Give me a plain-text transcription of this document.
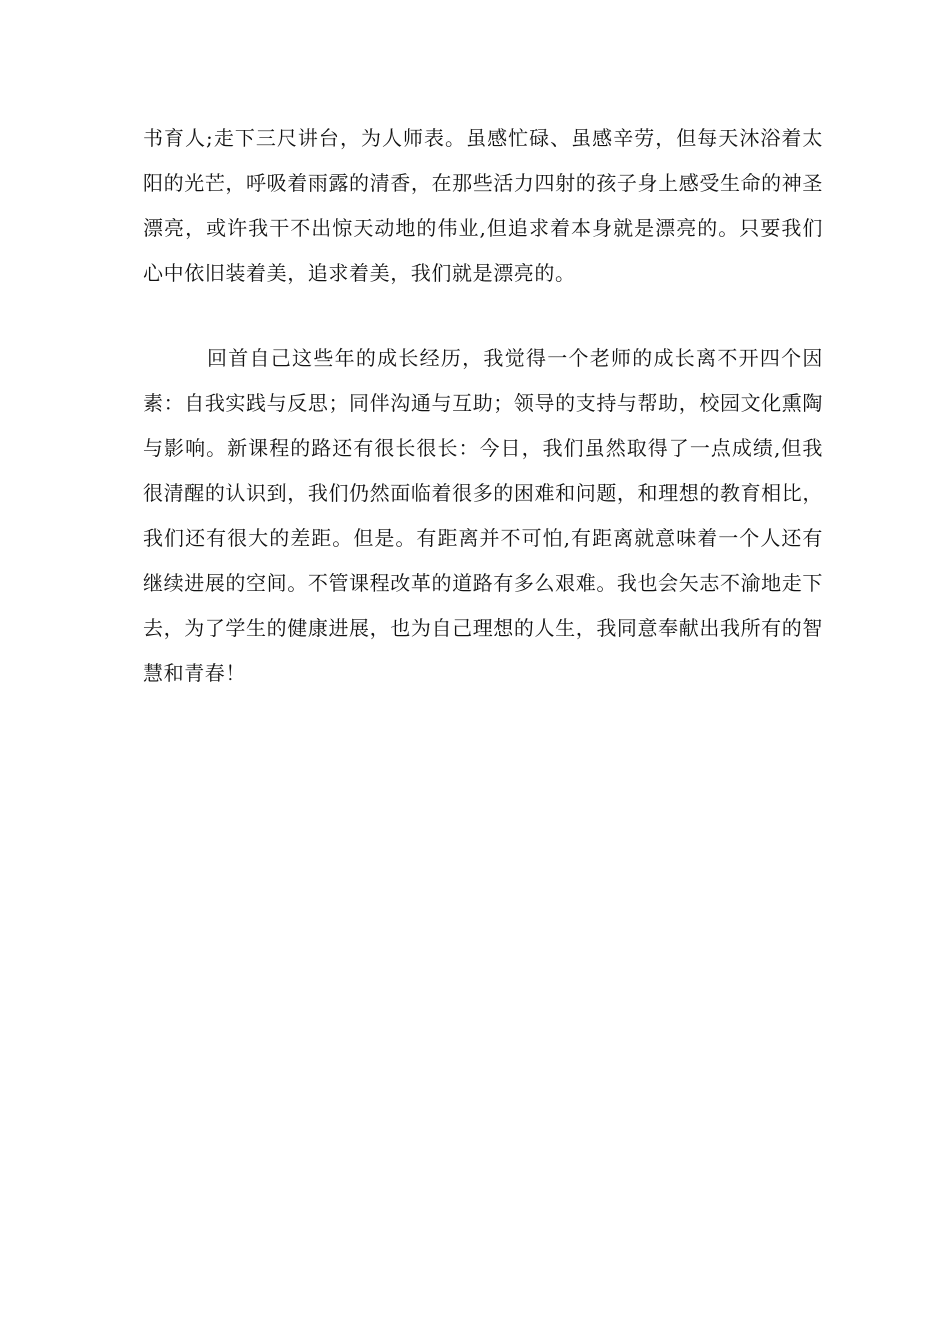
书育人;走下三尺讲台，为人师表。虽感忙碌、虽感辛劳，但每天沐浴着太
阳的光芒，呼吸着雨露的清香，在那些活力四射的孩子身上感受生命的神圣
漂亮，或许我干不出惊天动地的伟业,但追求着本身就是漂亮的。只要我们
心中依旧装着美，追求着美，我们就是漂亮的。
回首自己这些年的成长经历，我觉得一个老师的成长离不开四个因
素：自我实践与反思；同伴沟通与互助；领导的支持与帮助，校园文化熏陶
与影响。新课程的路还有很长很长：今日，我们虽然取得了一点成绩,但我
很清醒的认识到，我们仍然面临着很多的困难和问题，和理想的教育相比，
我们还有很大的差距。但是。有距离并不可怕,有距离就意味着一个人还有
继续进展的空间。不管课程改革的道路有多么艰难。我也会矢志不渝地走下
去，为了学生的健康进展，也为自己理想的人生，我同意奉献出我所有的智
慧和青春！
